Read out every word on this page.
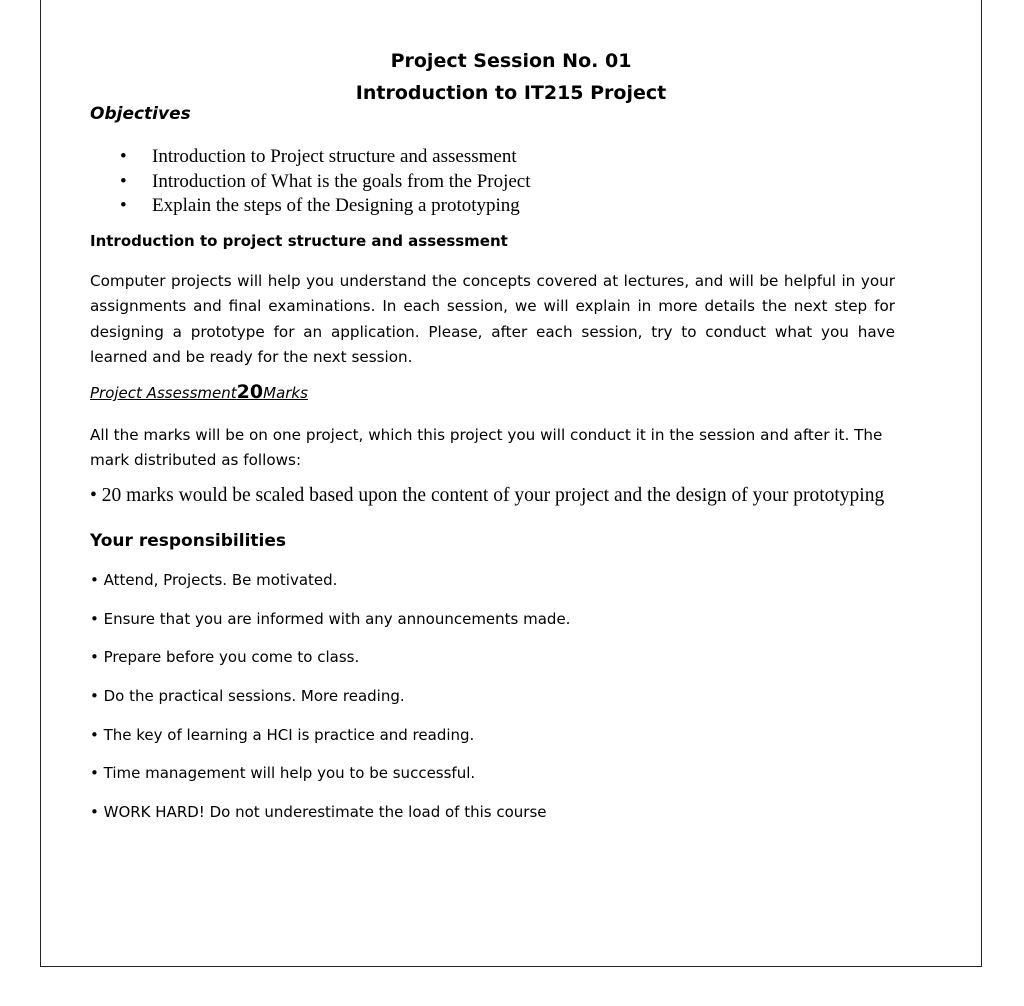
Project Session No. 01
Introduction to IT215 Project
Objectives
• Introduction to Project structure and assessment
• Introduction of What is the goals from the Project
• Explain the steps of the Designing a prototyping
Introduction to project structure and assessment

Computer projects will help you understand the concepts covered at lectures, and will be helpful in your assignments and final examinations. In each session, we will explain in more details the next step for designing a prototype for an application. Please, after each session, try to conduct what you have learned and be ready for the next session.

Project Assessment20Marks

All the marks will be on one project, which this project you will conduct it in the session and after it. The mark distributed as follows:

• 20 marks would be scaled based upon the content of your project and the design of your prototyping
Your responsibilities
• Attend, Projects. Be motivated.
• Ensure that you are informed with any announcements made.
• Prepare before you come to class.
• Do the practical sessions. More reading.
• The key of learning a HCI is practice and reading.
• Time management will help you to be successful.
• WORK HARD! Do not underestimate the load of this course
